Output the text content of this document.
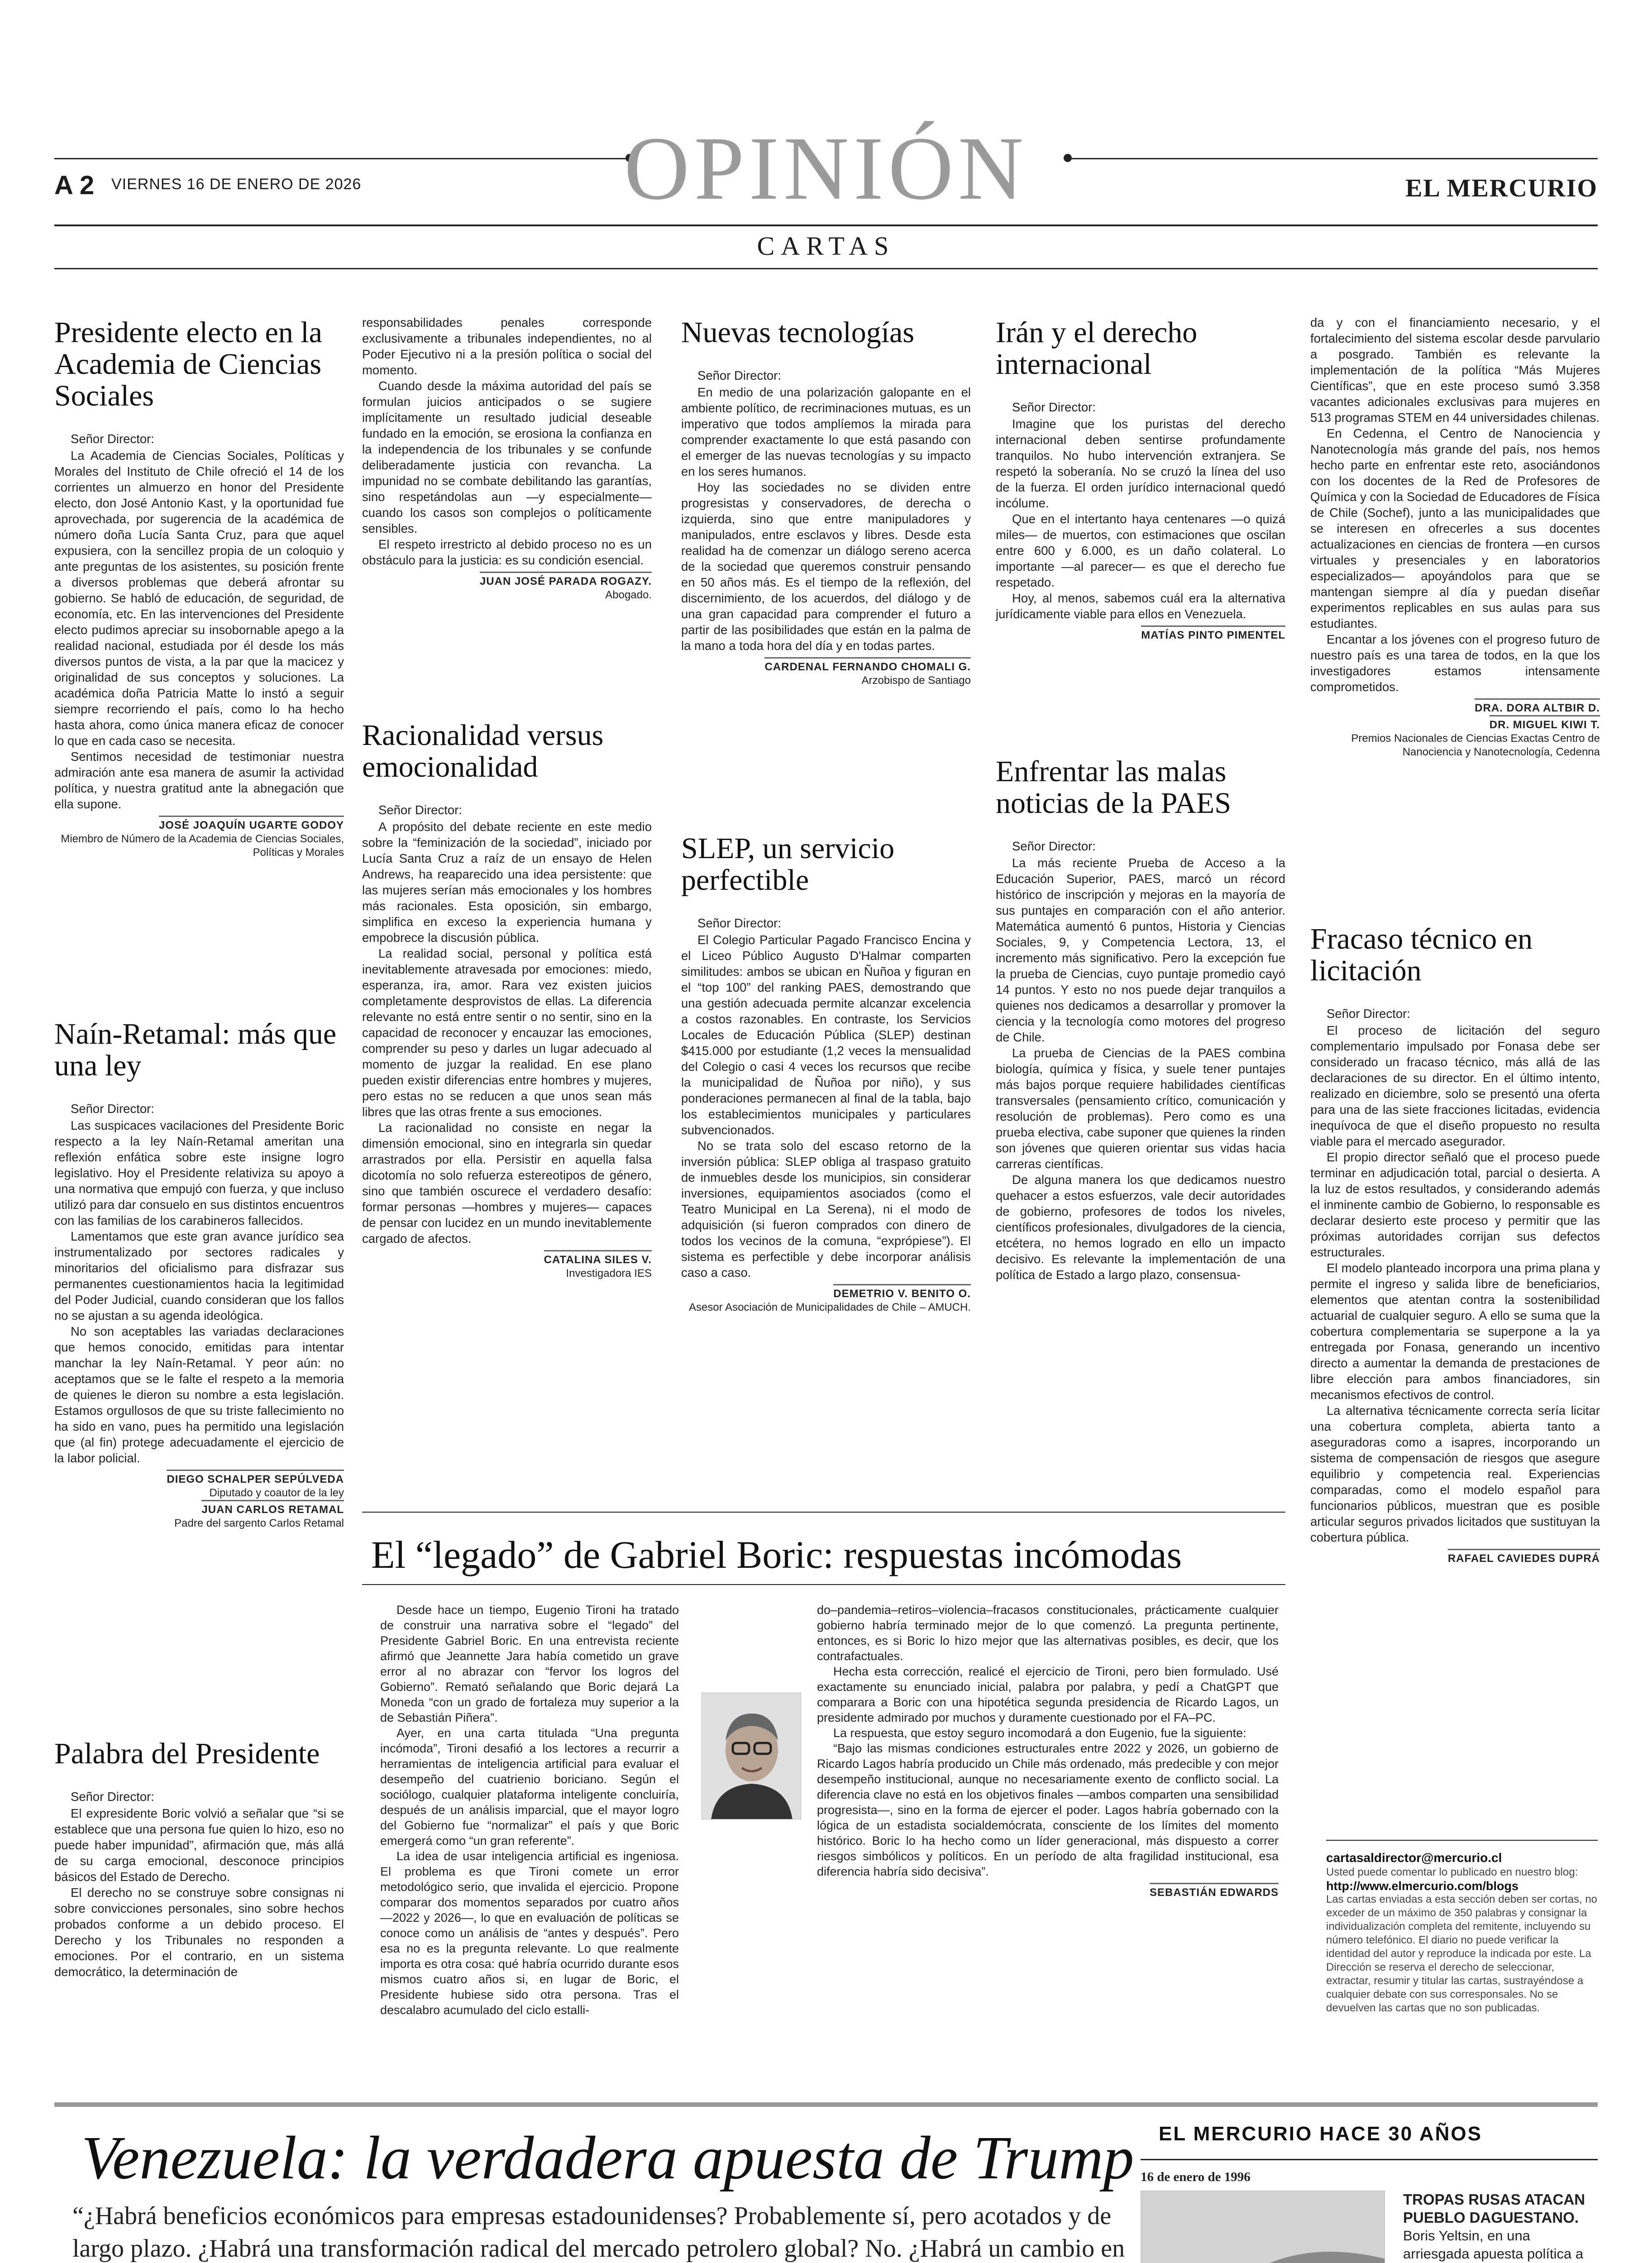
A 2 VIERNES 16 DE ENERO DE 2026	OPINIÓN	EL MERCURIO
CARTAS
Presidente electo en la Academia de Ciencias Sociales

Señor Director:

La Academia de Ciencias Sociales, Políticas y Morales del Instituto de Chile ofreció el 14 de los corrientes un almuerzo en honor del Presidente electo, don José Antonio Kast, y la oportunidad fue aprovechada, por sugerencia de la académica de número doña Lucía Santa Cruz, para que aquel expusiera, con la sencillez propia de un coloquio y ante preguntas de los asistentes, su posición frente a diversos problemas que deberá afrontar su gobierno. Se habló de educación, de seguridad, de economía, etc. En las intervenciones del Presidente electo pudimos apreciar su insobornable apego a la realidad nacional, estudiada por él desde los más diversos puntos de vista, a la par que la macicez y originalidad de sus conceptos y soluciones. La académica doña Patricia Matte lo instó a seguir siempre recorriendo el país, como lo ha hecho hasta ahora, como única manera eficaz de conocer lo que en cada caso se necesita.

Sentimos necesidad de testimoniar nuestra admiración ante esa manera de asumir la actividad política, y nuestra gratitud ante la abnegación que ella supone.

JOSÉ JOAQUÍN UGARTE GODOY
Miembro de Número de la Academia de Ciencias Sociales, Políticas y Morales
Naín-Retamal: más que una ley

Señor Director:

Las suspicaces vacilaciones del Presidente Boric respecto a la ley Naín-Retamal ameritan una reflexión enfática sobre este insigne logro legislativo. Hoy el Presidente relativiza su apoyo a una normativa que empujó con fuerza, y que incluso utilizó para dar consuelo en sus distintos encuentros con las familias de los carabineros fallecidos.

Lamentamos que este gran avance jurídico sea instrumentalizado por sectores radicales y minoritarios del oficialismo para disfrazar sus permanentes cuestionamientos hacia la legitimidad del Poder Judicial, cuando consideran que los fallos no se ajustan a su agenda ideológica.

No son aceptables las variadas declaraciones que hemos conocido, emitidas para intentar manchar la ley Naín-Retamal. Y peor aún: no aceptamos que se le falte el respeto a la memoria de quienes le dieron su nombre a esta legislación. Estamos orgullosos de que su triste fallecimiento no ha sido en vano, pues ha permitido una legislación que (al fin) protege adecuadamente el ejercicio de la labor policial.

DIEGO SCHALPER SEPÚLVEDA
Diputado y coautor de la ley
JUAN CARLOS RETAMAL
Padre del sargento Carlos Retamal
Palabra del Presidente

Señor Director:

El expresidente Boric volvió a señalar que “si se establece que una persona fue quien lo hizo, eso no puede haber impunidad”, afirmación que, más allá de su carga emocional, desconoce principios básicos del Estado de Derecho.

El derecho no se construye sobre consignas ni sobre convicciones personales, sino sobre hechos probados conforme a un debido proceso. El Derecho y los Tribunales no responden a emociones. Por el contrario, en un sistema democrático, la determinación de

responsabilidades penales corresponde exclusivamente a tribunales independientes, no al Poder Ejecutivo ni a la presión política o social del momento.

Cuando desde la máxima autoridad del país se formulan juicios anticipados o se sugiere implícitamente un resultado judicial deseable fundado en la emoción, se erosiona la confianza en la independencia de los tribunales y se confunde deliberadamente justicia con revancha. La impunidad no se combate debilitando las garantías, sino respetándolas aun —y especialmente— cuando los casos son complejos o políticamente sensibles.

El respeto irrestricto al debido proceso no es un obstáculo para la justicia: es su condición esencial.

JUAN JOSÉ PARADA ROGAZY.
Abogado.
Racionalidad versus emocionalidad

Señor Director:

A propósito del debate reciente en este medio sobre la “feminización de la sociedad”, iniciado por Lucía Santa Cruz a raíz de un ensayo de Helen Andrews, ha reaparecido una idea persistente: que las mujeres serían más emocionales y los hombres más racionales. Esta oposición, sin embargo, simplifica en exceso la experiencia humana y empobrece la discusión pública.

La realidad social, personal y política está inevitablemente atravesada por emociones: miedo, esperanza, ira, amor. Rara vez existen juicios completamente desprovistos de ellas. La diferencia relevante no está entre sentir o no sentir, sino en la capacidad de reconocer y encauzar las emociones, comprender su peso y darles un lugar adecuado al momento de juzgar la realidad. En ese plano pueden existir diferencias entre hombres y mujeres, pero estas no se reducen a que unos sean más libres que las otras frente a sus emociones.

La racionalidad no consiste en negar la dimensión emocional, sino en integrarla sin quedar arrastrados por ella. Persistir en aquella falsa dicotomía no solo refuerza estereotipos de género, sino que también oscurece el verdadero desafío: formar personas —hombres y mujeres— capaces de pensar con lucidez en un mundo inevitablemente cargado de afectos.

CATALINA SILES V.
Investigadora IES
Nuevas tecnologías

Señor Director:

En medio de una polarización galopante en el ambiente político, de recriminaciones mutuas, es un imperativo que todos amplíemos la mirada para comprender exactamente lo que está pasando con el emerger de las nuevas tecnologías y su impacto en los seres humanos.

Hoy las sociedades no se dividen entre progresistas y conservadores, de derecha o izquierda, sino que entre manipuladores y manipulados, entre esclavos y libres. Desde esta realidad ha de comenzar un diálogo sereno acerca de la sociedad que queremos construir pensando en 50 años más. Es el tiempo de la reflexión, del discernimiento, de los acuerdos, del diálogo y de una gran capacidad para comprender el futuro a partir de las posibilidades que están en la palma de la mano a toda hora del día y en todas partes.

CARDENAL FERNANDO CHOMALI G.
Arzobispo de Santiago
SLEP, un servicio perfectible

Señor Director:

El Colegio Particular Pagado Francisco Encina y el Liceo Público Augusto D'Halmar comparten similitudes: ambos se ubican en Ñuñoa y figuran en el “top 100” del ranking PAES, demostrando que una gestión adecuada permite alcanzar excelencia a costos razonables. En contraste, los Servicios Locales de Educación Pública (SLEP) destinan $415.000 por estudiante (1,2 veces la mensualidad del Colegio o casi 4 veces los recursos que recibe la municipalidad de Ñuñoa por niño), y sus ponderaciones permanecen al final de la tabla, bajo los establecimientos municipales y particulares subvencionados.

No se trata solo del escaso retorno de la inversión pública: SLEP obliga al traspaso gratuito de inmuebles desde los municipios, sin considerar inversiones, equipamientos asociados (como el Teatro Municipal en La Serena), ni el modo de adquisición (si fueron comprados con dinero de todos los vecinos de la comuna, “exprópiese”). El sistema es perfectible y debe incorporar análisis caso a caso.

DEMETRIO V. BENITO O.
Asesor Asociación de Municipalidades de Chile – AMUCH.
Irán y el derecho internacional

Señor Director:

Imagine que los puristas del derecho internacional deben sentirse profundamente tranquilos. No hubo intervención extranjera. Se respetó la soberanía. No se cruzó la línea del uso de la fuerza. El orden jurídico internacional quedó incólume.

Que en el intertanto haya centenares —o quizá miles— de muertos, con estimaciones que oscilan entre 600 y 6.000, es un daño colateral. Lo importante —al parecer— es que el derecho fue respetado.

Hoy, al menos, sabemos cuál era la alternativa jurídicamente viable para ellos en Venezuela.

MATÍAS PINTO PIMENTEL
Enfrentar las malas noticias de la PAES

Señor Director:

La más reciente Prueba de Acceso a la Educación Superior, PAES, marcó un récord histórico de inscripción y mejoras en la mayoría de sus puntajes en comparación con el año anterior. Matemática aumentó 6 puntos, Historia y Ciencias Sociales, 9, y Competencia Lectora, 13, el incremento más significativo. Pero la excepción fue la prueba de Ciencias, cuyo puntaje promedio cayó 14 puntos. Y esto no nos puede dejar tranquilos a quienes nos dedicamos a desarrollar y promover la ciencia y la tecnología como motores del progreso de Chile.

La prueba de Ciencias de la PAES combina biología, química y física, y suele tener puntajes más bajos porque requiere habilidades científicas transversales (pensamiento crítico, comunicación y resolución de problemas). Pero como es una prueba electiva, cabe suponer que quienes la rinden son jóvenes que quieren orientar sus vidas hacia carreras científicas.

De alguna manera los que dedicamos nuestro quehacer a estos esfuerzos, vale decir autoridades de gobierno, profesores de todos los niveles, científicos profesionales, divulgadores de la ciencia, etcétera, no hemos logrado en ello un impacto decisivo. Es relevante la implementación de una política de Estado a largo plazo, consensua-

da y con el financiamiento necesario, y el fortalecimiento del sistema escolar desde parvulario a posgrado. También es relevante la implementación de la política “Más Mujeres Científicas”, que en este proceso sumó 3.358 vacantes adicionales exclusivas para mujeres en 513 programas STEM en 44 universidades chilenas.

En Cedenna, el Centro de Nanociencia y Nanotecnología más grande del país, nos hemos hecho parte en enfrentar este reto, asociándonos con los docentes de la Red de Profesores de Química y con la Sociedad de Educadores de Física de Chile (Sochef), junto a las municipalidades que se interesen en ofrecerles a sus docentes actualizaciones en ciencias de frontera —en cursos virtuales y presenciales y en laboratorios especializados— apoyándolos para que se mantengan siempre al día y puedan diseñar experimentos replicables en sus aulas para sus estudiantes.

Encantar a los jóvenes con el progreso futuro de nuestro país es una tarea de todos, en la que los investigadores estamos intensamente comprometidos.

DRA. DORA ALTBIR D.
DR. MIGUEL KIWI T.
Premios Nacionales de Ciencias Exactas Centro de Nanociencia y Nanotecnología, Cedenna
Fracaso técnico en licitación

Señor Director:

El proceso de licitación del seguro complementario impulsado por Fonasa debe ser considerado un fracaso técnico, más allá de las declaraciones de su director. En el último intento, realizado en diciembre, solo se presentó una oferta para una de las siete fracciones licitadas, evidencia inequívoca de que el diseño propuesto no resulta viable para el mercado asegurador.

El propio director señaló que el proceso puede terminar en adjudicación total, parcial o desierta. A la luz de estos resultados, y considerando además el inminente cambio de Gobierno, lo responsable es declarar desierto este proceso y permitir que las próximas autoridades corrijan sus defectos estructurales.

El modelo planteado incorpora una prima plana y permite el ingreso y salida libre de beneficiarios, elementos que atentan contra la sostenibilidad actuarial de cualquier seguro. A ello se suma que la cobertura complementaria se superpone a la ya entregada por Fonasa, generando un incentivo directo a aumentar la demanda de prestaciones de libre elección para ambos financiadores, sin mecanismos efectivos de control.

La alternativa técnicamente correcta sería licitar una cobertura completa, abierta tanto a aseguradoras como a isapres, incorporando un sistema de compensación de riesgos que asegure equilibrio y competencia real. Experiencias comparadas, como el modelo español para funcionarios públicos, muestran que es posible articular seguros privados licitados que sustituyan la cobertura pública.

RAFAEL CAVIEDES DUPRÁ
cartasaldirector@mercurio.cl
Usted puede comentar lo publicado en nuestro blog:
http://www.elmercurio.com/blogs
Las cartas enviadas a esta sección deben ser cortas, no exceder de un máximo de 350 palabras y consignar la individualización completa del remitente, incluyendo su número telefónico. El diario no puede verificar la identidad del autor y reproduce la indicada por este. La Dirección se reserva el derecho de seleccionar, extractar, resumir y titular las cartas, sustrayéndose a cualquier debate con sus corresponsales. No se devuelven las cartas que no son publicadas.
El “legado” de Gabriel Boric: respuestas incómodas

Desde hace un tiempo, Eugenio Tironi ha tratado de construir una narrativa sobre el “legado” del Presidente Gabriel Boric. En una entrevista reciente afirmó que Jeannette Jara había cometido un grave error al no abrazar con “fervor los logros del Gobierno”. Remató señalando que Boric dejará La Moneda “con un grado de fortaleza muy superior a la de Sebastián Piñera”.

Ayer, en una carta titulada “Una pregunta incómoda”, Tironi desafió a los lectores a recurrir a herramientas de inteligencia artificial para evaluar el desempeño del cuatrienio boriciano. Según el sociólogo, cualquier plataforma inteligente concluiría, después de un análisis imparcial, que el mayor logro del Gobierno fue “normalizar” el país y que Boric emergerá como “un gran referente”.

La idea de usar inteligencia artificial es ingeniosa. El problema es que Tironi comete un error metodológico serio, que invalida el ejercicio. Propone comparar dos momentos separados por cuatro años —2022 y 2026—, lo que en evaluación de políticas se conoce como un análisis de “antes y después”. Pero esa no es la pregunta relevante. Lo que realmente importa es otra cosa: qué habría ocurrido durante esos mismos cuatro años si, en lugar de Boric, el Presidente hubiese sido otra persona. Tras el descalabro acumulado del ciclo estalli-

do–pandemia–retiros–violencia–fracasos constitucionales, prácticamente cualquier gobierno habría terminado mejor de lo que comenzó. La pregunta pertinente, entonces, es si Boric lo hizo mejor que las alternativas posibles, es decir, que los contrafactuales.

Hecha esta corrección, realicé el ejercicio de Tironi, pero bien formulado. Usé exactamente su enunciado inicial, palabra por palabra, y pedí a ChatGPT que comparara a Boric con una hipotética segunda presidencia de Ricardo Lagos, un presidente admirado por muchos y duramente cuestionado por el FA–PC.

La respuesta, que estoy seguro incomodará a don Eugenio, fue la siguiente:

“Bajo las mismas condiciones estructurales entre 2022 y 2026, un gobierno de Ricardo Lagos habría producido un Chile más ordenado, más predecible y con mejor desempeño institucional, aunque no necesariamente exento de conflicto social. La diferencia clave no está en los objetivos finales —ambos comparten una sensibilidad progresista—, sino en la forma de ejercer el poder. Lagos habría gobernado con la lógica de un estadista socialdemócrata, consciente de los límites del momento histórico. Boric lo ha hecho como un líder generacional, más dispuesto a correr riesgos simbólicos y políticos. En un período de alta fragilidad institucional, esa diferencia habría sido decisiva”.

SEBASTIÁN EDWARDS
Venezuela: la verdadera apuesta de Trump
“¿Habrá beneficios económicos para empresas estadounidenses? Probablemente sí, pero acotados y de largo plazo. ¿Habrá una transformación radical del mercado petrolero global? No. ¿Habrá un cambio en

EL MERCURIO HACE 30 AÑOS
16 de enero de 1996
TROPAS RUSAS ATACAN PUEBLO DAGUESTANO.
Boris Yeltsin, en una arriesgada apuesta política a
